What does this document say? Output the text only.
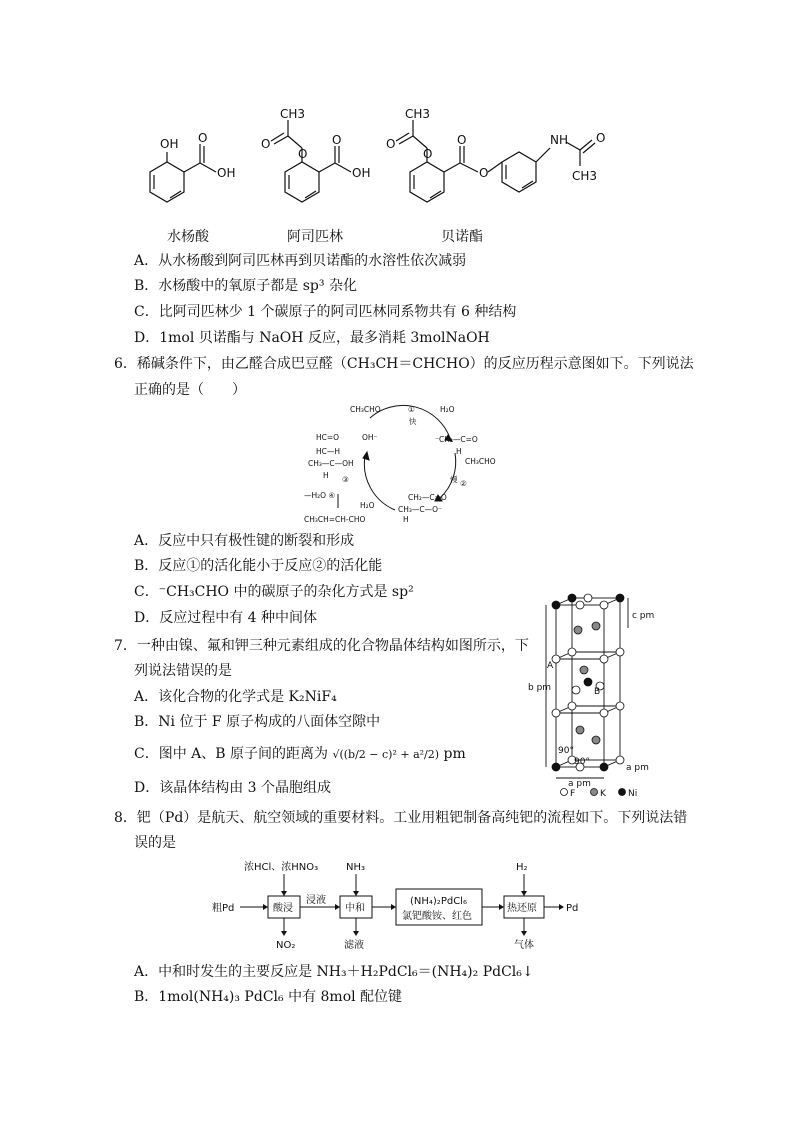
OH O
OH
CH3
O
O
O
OH
CH3
O
O
O
O
NH O
CH3
水杨酸	阿司匹林	贝诺酯
A．从水杨酸到阿司匹林再到贝诺酯的水溶性依次减弱
B．水杨酸中的氧原子都是 sp³ 杂化
C．比阿司匹林少 1 个碳原子的阿司匹林同系物共有 6 种结构
D．1mol 贝诺酯与 NaOH 反应，最多消耗 3molNaOH
6．稀碱条件下，由乙醛合成巴豆醛（CH₃CH＝CHCHO）的反应历程示意图如下。下列说法
正确的是（　　）
CH₃CHO
OH⁻
①
快
H₂O
⁻CH₂—C=O
H
CH₃CHO
慢 ②
CH₂—C=O
CH₃—C—O⁻
H
H₂O
③
HC=O
HC—H
CH₃—C—OH
H
—H₂O ④
CH₃CH=CH-CHO
A．反应中只有极性键的断裂和形成
B．反应①的活化能小于反应②的活化能
C．⁻CH₃CHO 中的碳原子的杂化方式是 sp²
D．反应过程中有 4 种中间体
7．一种由镍、氟和钾三种元素组成的化合物晶体结构如图所示，下
列说法错误的是
A．该化合物的化学式是 K₂NiF₄
B．Ni 位于 F 原子构成的八面体空隙中
C．图中 A、B 原子间的距离为 √((b/2 − c)² + a²/2) pm
D．该晶体结构由 3 个晶胞组成
c pm
b pm
A
B
90°
90°
a pm
a pm
F	K Ni
8．钯（Pd）是航天、航空领域的重要材料。工业用粗钯制备高纯钯的流程如下。下列说法错
误的是
浓HCl、浓HNO₃	NH₃	H₂
粗Pd	酸浸
浸液
中和
(NH₄)₂PdCl₆
氯钯酸铵、红色
热还原	Pd
NO₂	滤液	气体
A．中和时发生的主要反应是 NH₃＋H₂PdCl₆＝(NH₄)₂ PdCl₆↓
B．1mol(NH₄)₃ PdCl₆ 中有 8mol 配位键
